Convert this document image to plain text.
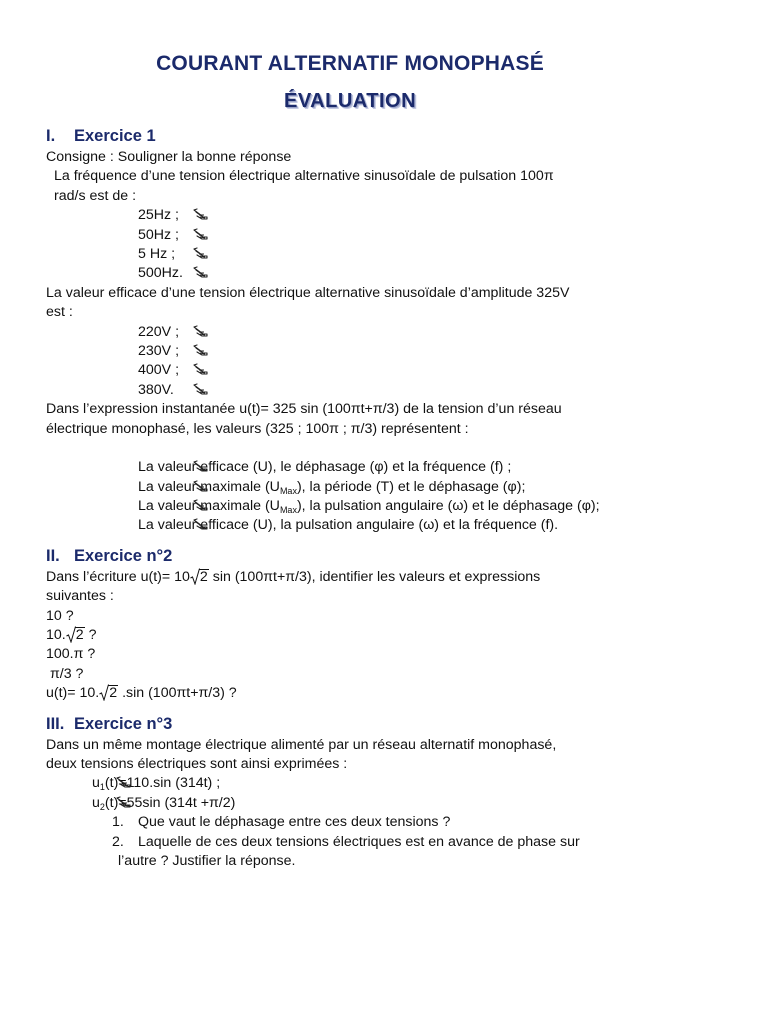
COURANT ALTERNATIF MONOPHASÉ
ÉVALUATION
I. Exercice 1
Consigne : Souligner la bonne réponse
La fréquence d’une tension électrique alternative sinusoïdale de pulsation 100π
rad/s est de :
25Hz ;
50Hz ;
5 Hz ;
500Hz.
La valeur efficace d’une tension électrique alternative sinusoïdale d’amplitude 325V
est :
220V ;
230V ;
400V ;
380V.
Dans l’expression instantanée u(t)= 325 sin (100πt+π/3) de la tension d’un réseau
électrique monophasé, les valeurs (325 ; 100π ; π/3) représentent :
La valeur efficace (U), le déphasage (φ) et la fréquence (f) ;
La valeur maximale $(U_{Max})$, la période (T) et le déphasage (φ);
La valeur maximale $(U_{Max})$, la pulsation angulaire (ω) et le déphasage (φ);
La valeur efficace (U), la pulsation angulaire (ω) et la fréquence (f).
II. Exercice n°2
Dans l’écriture u(t)= 10 2 sin (100πt+π/3), identifier les valeurs et expressions
suivantes :
10 ?
10. 2 ?
100.π ?
π/3 ?
u(t)= 10. 2 .sin (100πt+π/3) ?
III. Exercice n°3
Dans un même montage électrique alimenté par un réseau alternatif monophasé,
deux tensions électriques sont ainsi exprimées :
$u_1(t)=110.\sin$ (314t) ;
$u_2(t)=55\sin$ (314t +π/2)
1. Que vaut le déphasage entre ces deux tensions ?
2. Laquelle de ces deux tensions électriques est en avance de phase sur
l’autre ? Justifier la réponse.
